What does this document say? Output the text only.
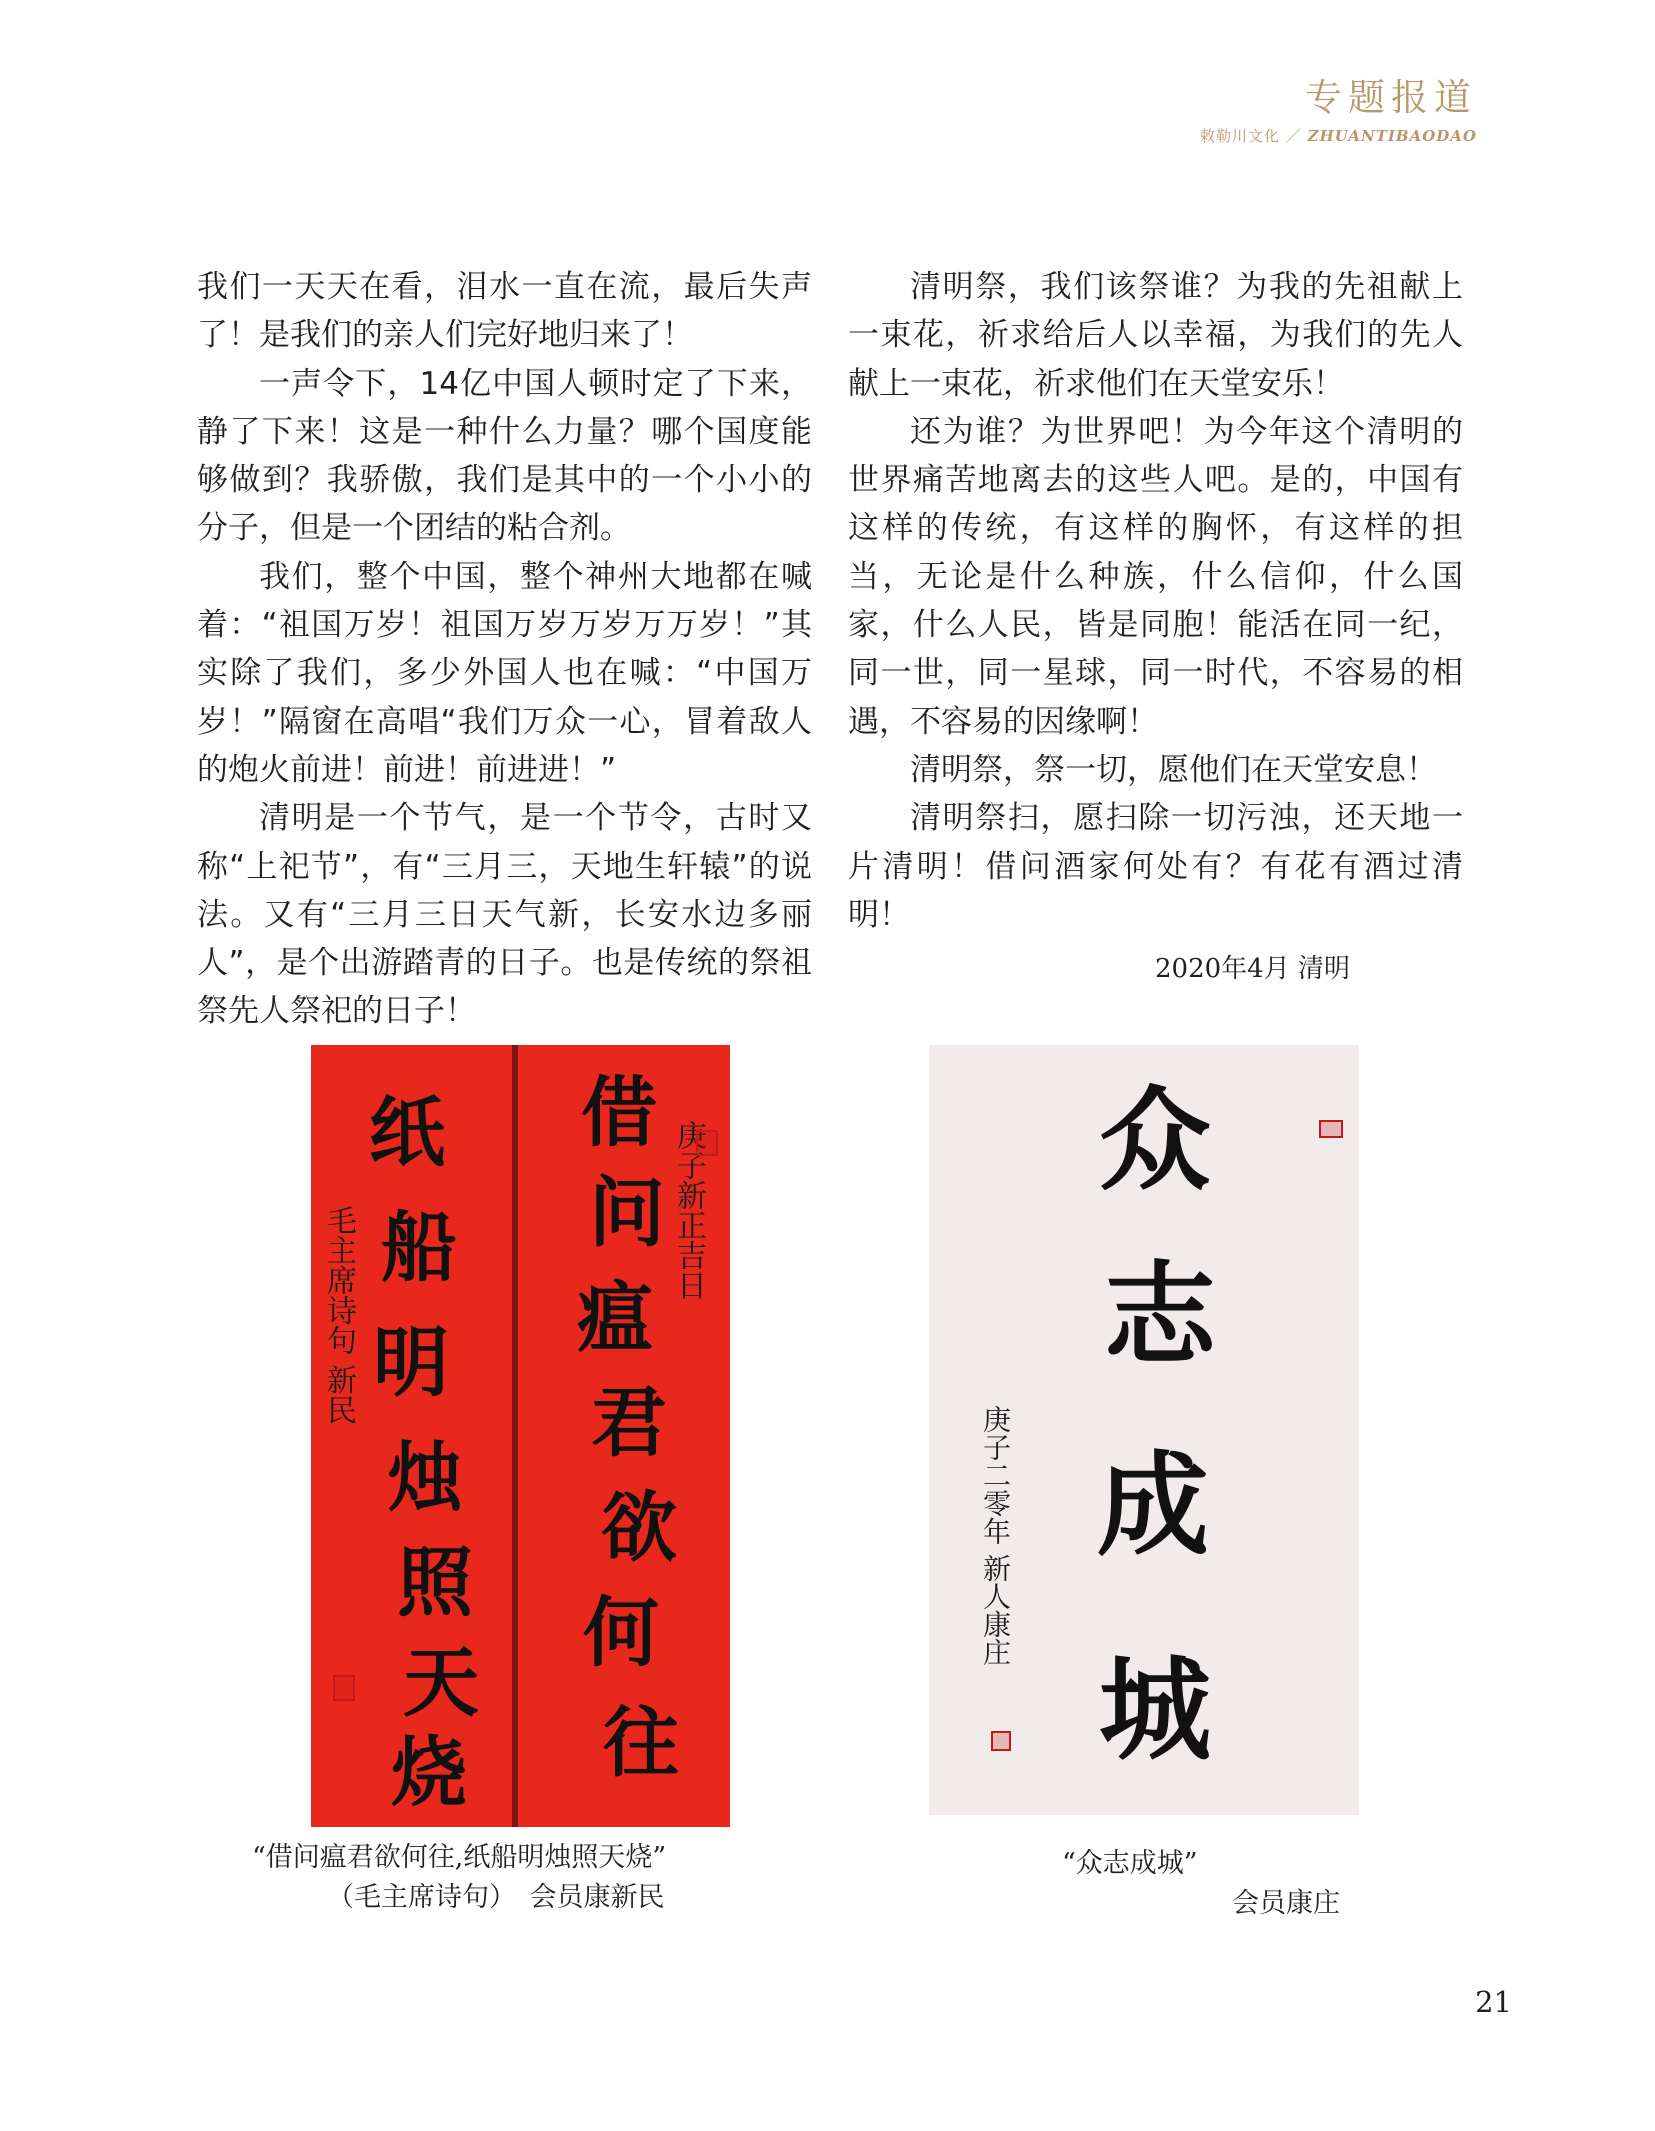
专题报道
敕勒川文化 ／ ZHUANTIBAODAO

我们一天天在看，泪水一直在流，最后失声了！是我们的亲人们完好地归来了！

一声令下，14亿中国人顿时定了下来，静了下来！这是一种什么力量？哪个国度能够做到？我骄傲，我们是其中的一个小小的分子，但是一个团结的粘合剂。

我们，整个中国，整个神州大地都在喊着：“祖国万岁！祖国万岁万岁万万岁！”其实除了我们，多少外国人也在喊：“中国万岁！”隔窗在高唱“我们万众一心，冒着敌人的炮火前进！前进！前进进！”

清明是一个节气，是一个节令，古时又称“上祀节”，有“三月三，天地生轩辕”的说法。又有“三月三日天气新，长安水边多丽人”，是个出游踏青的日子。也是传统的祭祖祭先人祭祀的日子！

清明祭，我们该祭谁？为我的先祖献上一束花，祈求给后人以幸福，为我们的先人献上一束花，祈求他们在天堂安乐！

还为谁？为世界吧！为今年这个清明的世界痛苦地离去的这些人吧。是的，中国有这样的传统，有这样的胸怀，有这样的担当，无论是什么种族，什么信仰，什么国家，什么人民，皆是同胞！能活在同一纪，同一世，同一星球，同一时代，不容易的相遇，不容易的因缘啊！

清明祭，祭一切，愿他们在天堂安息！

清明祭扫，愿扫除一切污浊，还天地一片清明！借问酒家何处有？有花有酒过清明！

2020年4月 清明

借
问
瘟
君
欲
何
往
庚子新正吉日
纸
船
明
烛
照
天
烧
毛主席诗句 新民
众
志
成
城
庚子二零年 新人康庄
“借问瘟君欲何往,纸船明烛照天烧”
（毛主席诗句）　会员康新民
“众志成城”
会员康庄
21
